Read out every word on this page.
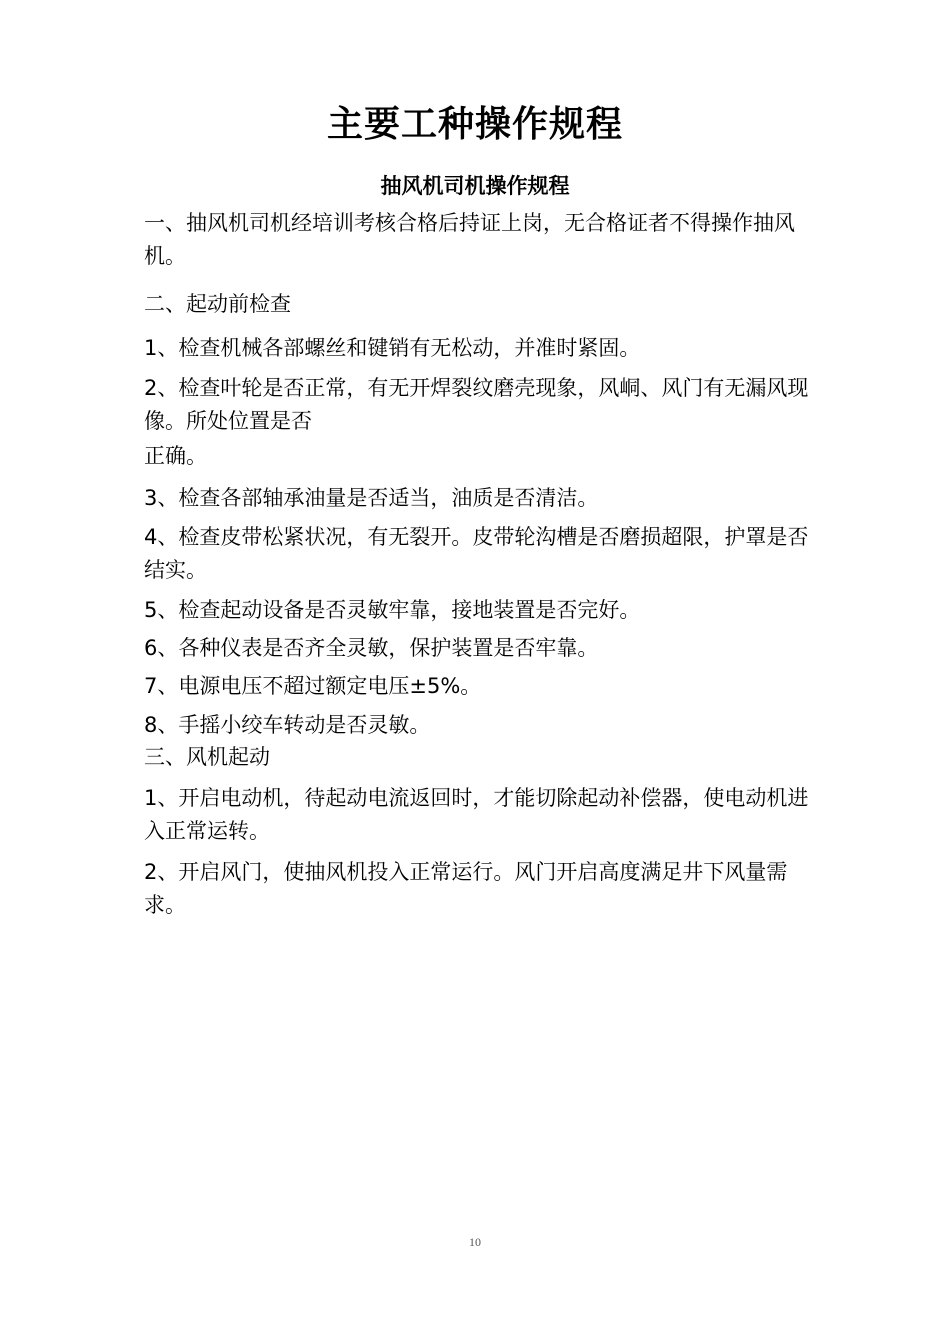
主要工种操作规程
抽风机司机操作规程
一、抽风机司机经培训考核合格后持证上岗，无合格证者不得操作抽风机。
二、起动前检查
1、检查机械各部螺丝和键销有无松动，并准时紧固。
2、检查叶轮是否正常，有无开焊裂纹磨壳现象，风峒、风门有无漏风现像。所处位置是否
正确。
3、检查各部轴承油量是否适当，油质是否清洁。
4、检查皮带松紧状况，有无裂开。皮带轮沟槽是否磨损超限，护罩是否结实。
5、检查起动设备是否灵敏牢靠，接地装置是否完好。
6、各种仪表是否齐全灵敏，保护装置是否牢靠。
7、电源电压不超过额定电压±5%。
8、手摇小绞车转动是否灵敏。
三、风机起动
1、开启电动机，待起动电流返回时，才能切除起动补偿器，使电动机进入正常运转。
2、开启风门，使抽风机投入正常运行。风门开启高度满足井下风量需求。
10
